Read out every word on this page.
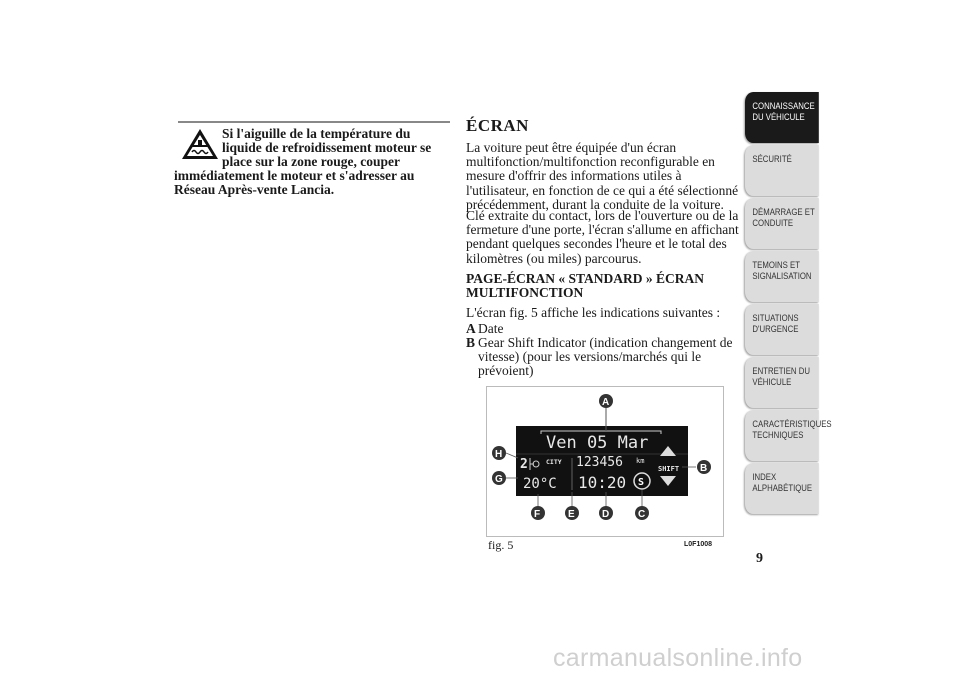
Si l'aiguille de la température du liquide de refroidissement moteur se place sur la zone rouge, couper immédiatement le moteur et s'adresser au Réseau Après-vente Lancia.

ÉCRAN

La voiture peut être équipée d'un écran multifonction/multifonction reconfigurable en mesure d'offrir des informations utiles à l'utilisateur, en fonction de ce qui a été sélectionné précédemment, durant la conduite de la voiture.

Clé extraite du contact, lors de l'ouverture ou de la fermeture d'une porte, l'écran s'allume en affichant pendant quelques secondes l'heure et le total des kilomètres (ou miles) parcourus.

PAGE-ÉCRAN « STANDARD » ÉCRAN MULTIFONCTION

L'écran fig. 5 affiche les indications suivantes :

A Date

B Gear Shift Indicator (indication changement de vitesse) (pour les versions/marchés qui le prévoient)

Ven 05 Mar
2	CITY 123456 km
20°C 10:20 S
SHIFT
A
B
C
D
E
F
G
H

fig. 5	L0F1008

CONNAISSANCE DU VÉHICULE
SÉCURITÉ
DÉMARRAGE ET CONDUITE
TEMOINS ET SIGNALISATION
SITUATIONS D'URGENCE
ENTRETIEN DU VÉHICULE
CARACTÉRISTIQUES TECHNIQUES
INDEX ALPHABÉTIQUE

9

carmanualsonline.info
